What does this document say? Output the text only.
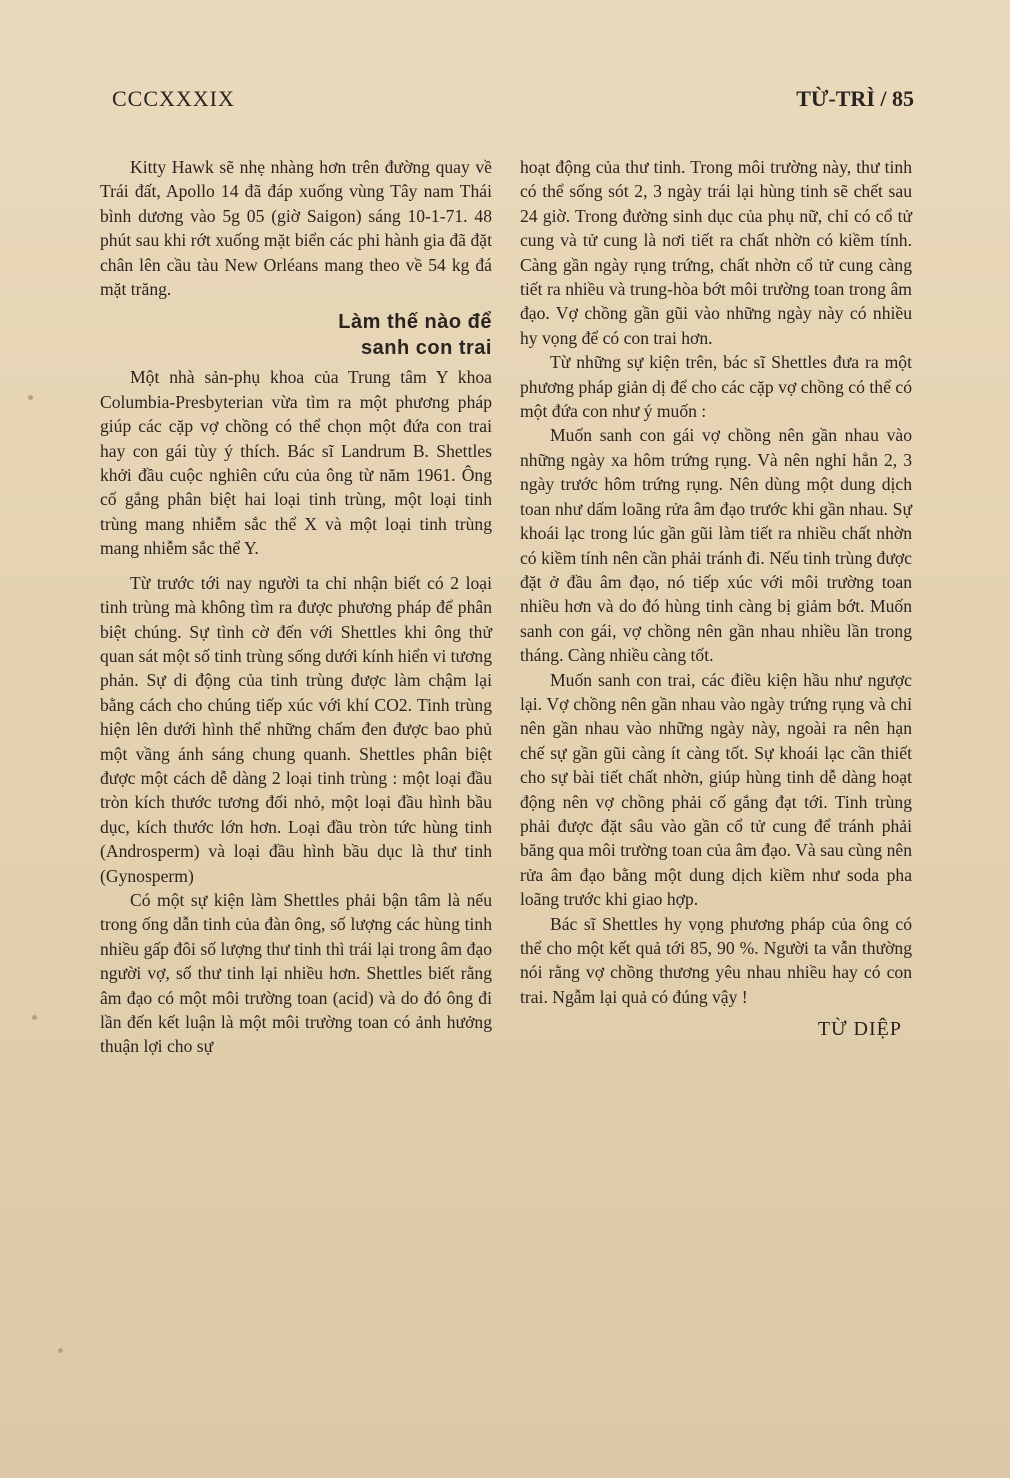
CCCXXXIX	TỪ-TRÌ / 85

Kitty Hawk sẽ nhẹ nhàng hơn trên đường quay về Trái đất, Apollo 14 đã đáp xuống vùng Tây nam Thái bình dương vào 5g 05 (giờ Saigon) sáng 10-1-71. 48 phút sau khi rớt xuống mặt biển các phi hành gia đã đặt chân lên cầu tàu New Orléans mang theo về 54 kg đá mặt trăng.

Làm thế nào để
sanh con trai

Một nhà sản-phụ khoa của Trung tâm Y khoa Columbia-Presbyterian vừa tìm ra một phương pháp giúp các cặp vợ chồng có thể chọn một đứa con trai hay con gái tùy ý thích. Bác sĩ Landrum B. Shettles khởi đầu cuộc nghiên cứu của ông từ năm 1961. Ông cố gắng phân biệt hai loại tinh trùng, một loại tinh trùng mang nhiễm sắc thể X và một loại tinh trùng mang nhiễm sắc thể Y.

Từ trước tới nay người ta chỉ nhận biết có 2 loại tinh trùng mà không tìm ra được phương pháp để phân biệt chúng. Sự tình cờ đến với Shettles khi ông thử quan sát một số tinh trùng sống dưới kính hiển vi tương phản. Sự di động của tinh trùng được làm chậm lại bằng cách cho chúng tiếp xúc với khí CO2. Tinh trùng hiện lên dưới hình thể những chấm đen được bao phủ một vầng ánh sáng chung quanh. Shettles phân biệt được một cách dễ dàng 2 loại tinh trùng : một loại đầu tròn kích thước tương đối nhỏ, một loại đầu hình bầu dục, kích thước lớn hơn. Loại đầu tròn tức hùng tinh (Androsperm) và loại đầu hình bầu dục là thư tinh (Gynosperm)

Có một sự kiện làm Shettles phải bận tâm là nếu trong ống dẫn tinh của đàn ông, số lượng các hùng tinh nhiều gấp đôi số lượng thư tinh thì trái lại trong âm đạo người vợ, số thư tinh lại nhiều hơn. Shettles biết rằng âm đạo có một môi trường toan (acid) và do đó ông đi lần đến kết luận là một môi trường toan có ảnh hưởng thuận lợi cho sự

hoạt động của thư tinh. Trong môi trường này, thư tinh có thể sống sót 2, 3 ngày trái lại hùng tinh sẽ chết sau 24 giờ. Trong đường sinh dục của phụ nữ, chỉ có cổ tử cung và tử cung là nơi tiết ra chất nhờn có kiềm tính. Càng gần ngày rụng trứng, chất nhờn cổ tử cung càng tiết ra nhiều và trung-hòa bớt môi trường toan trong âm đạo. Vợ chồng gần gũi vào những ngày này có nhiều hy vọng để có con trai hơn.

Từ những sự kiện trên, bác sĩ Shettles đưa ra một phương pháp giản dị để cho các cặp vợ chồng có thể có một đứa con như ý muốn :

Muốn sanh con gái vợ chồng nên gần nhau vào những ngày xa hôm trứng rụng. Và nên nghỉ hẳn 2, 3 ngày trước hôm trứng rụng. Nên dùng một dung dịch toan như dấm loãng rửa âm đạo trước khi gần nhau. Sự khoái lạc trong lúc gần gũi làm tiết ra nhiều chất nhờn có kiềm tính nên cần phải tránh đi. Nếu tinh trùng được đặt ở đầu âm đạo, nó tiếp xúc với môi trường toan nhiều hơn và do đó hùng tinh càng bị giảm bớt. Muốn sanh con gái, vợ chồng nên gần nhau nhiều lần trong tháng. Càng nhiều càng tốt.

Muốn sanh con trai, các điều kiện hầu như ngược lại. Vợ chồng nên gần nhau vào ngày trứng rụng và chỉ nên gần nhau vào những ngày này, ngoài ra nên hạn chế sự gần gũi càng ít càng tốt. Sự khoái lạc cần thiết cho sự bài tiết chất nhờn, giúp hùng tinh dễ dàng hoạt động nên vợ chồng phải cố gắng đạt tới. Tinh trùng phải được đặt sâu vào gần cổ tử cung để tránh phải băng qua môi trường toan của âm đạo. Và sau cùng nên rửa âm đạo bằng một dung dịch kiềm như soda pha loãng trước khi giao hợp.

Bác sĩ Shettles hy vọng phương pháp của ông có thể cho một kết quả tới 85, 90 %. Người ta vẫn thường nói rằng vợ chồng thương yêu nhau nhiều hay có con trai. Ngẫm lại quả có đúng vậy !

TỪ DIỆP
